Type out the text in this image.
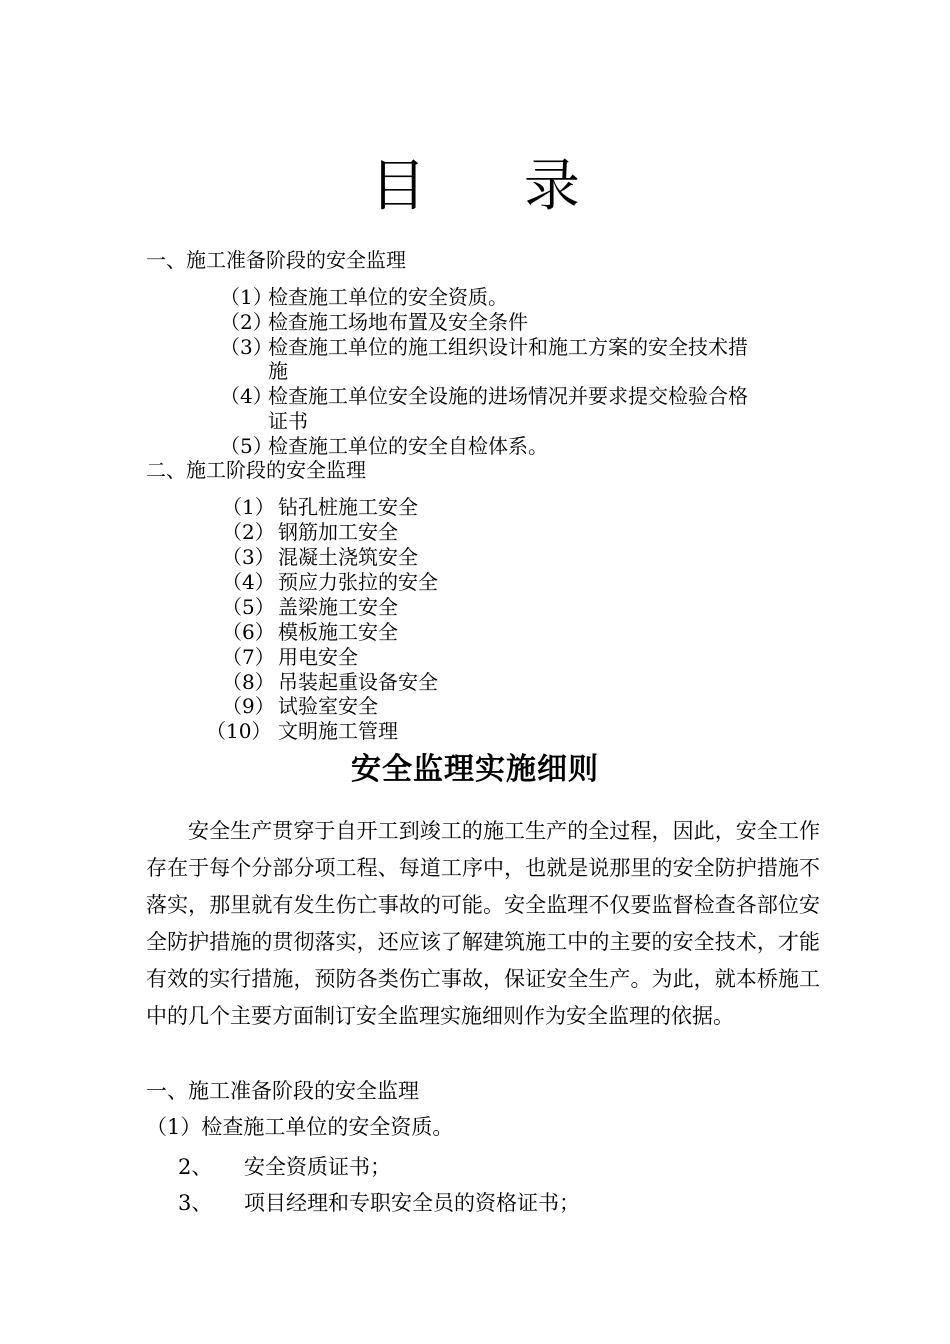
目 录
一、施工准备阶段的安全监理
（1）检查施工单位的安全资质。
（2）检查施工场地布置及安全条件
（3）检查施工单位的施工组织设计和施工方案的安全技术措
施
（4）检查施工单位安全设施的进场情况并要求提交检验合格
证书
（5）检查施工单位的安全自检体系。
二、施工阶段的安全监理
（1） 钻孔桩施工安全
（2） 钢筋加工安全
（3） 混凝土浇筑安全
（4） 预应力张拉的安全
（5） 盖梁施工安全
（6） 模板施工安全
（7） 用电安全
（8） 吊装起重设备安全
（9） 试验室安全
（10） 文明施工管理
安全监理实施细则
安全生产贯穿于自开工到竣工的施工生产的全过程，因此，安全工作存在于每个分部分项工程、每道工序中，也就是说那里的安全防护措施不落实，那里就有发生伤亡事故的可能。安全监理不仅要监督检查各部位安全防护措施的贯彻落实，还应该了解建筑施工中的主要的安全技术，才能有效的实行措施，预防各类伤亡事故，保证安全生产。为此，就本桥施工中的几个主要方面制订安全监理实施细则作为安全监理的依据。
一、施工准备阶段的安全监理
（1）检查施工单位的安全资质。
2、 安全资质证书；
3、 项目经理和专职安全员的资格证书；
